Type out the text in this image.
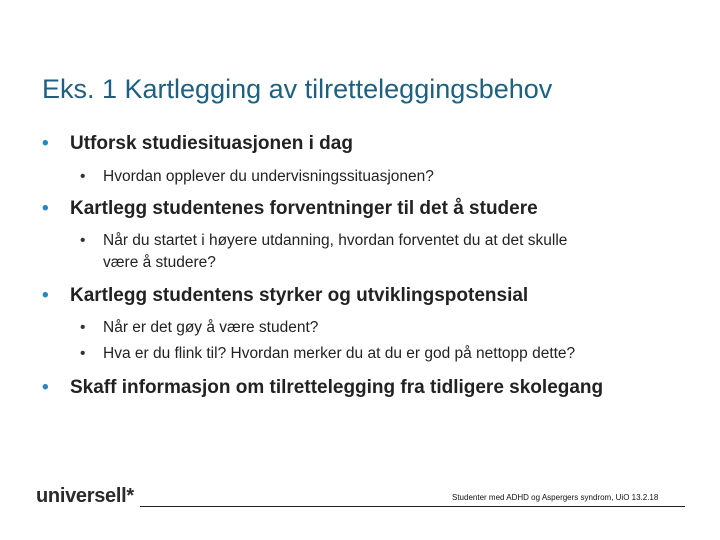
Eks. 1 Kartlegging av tilretteleggingsbehov
• Utforsk studiesituasjonen i dag
• Hvordan opplever du undervisningssituasjonen?
• Kartlegg studentenes forventninger til det å studere
• Når du startet i høyere utdanning, hvordan forventet du at det skulle
være å studere?
• Kartlegg studentens styrker og utviklingspotensial
• Når er det gøy å være student?
• Hva er du flink til? Hvordan merker du at du er god på nettopp dette?
• Skaff informasjon om tilrettelegging fra tidligere skolegang
universell*	Studenter med ADHD og Aspergers syndrom, UiO 13.2.18
